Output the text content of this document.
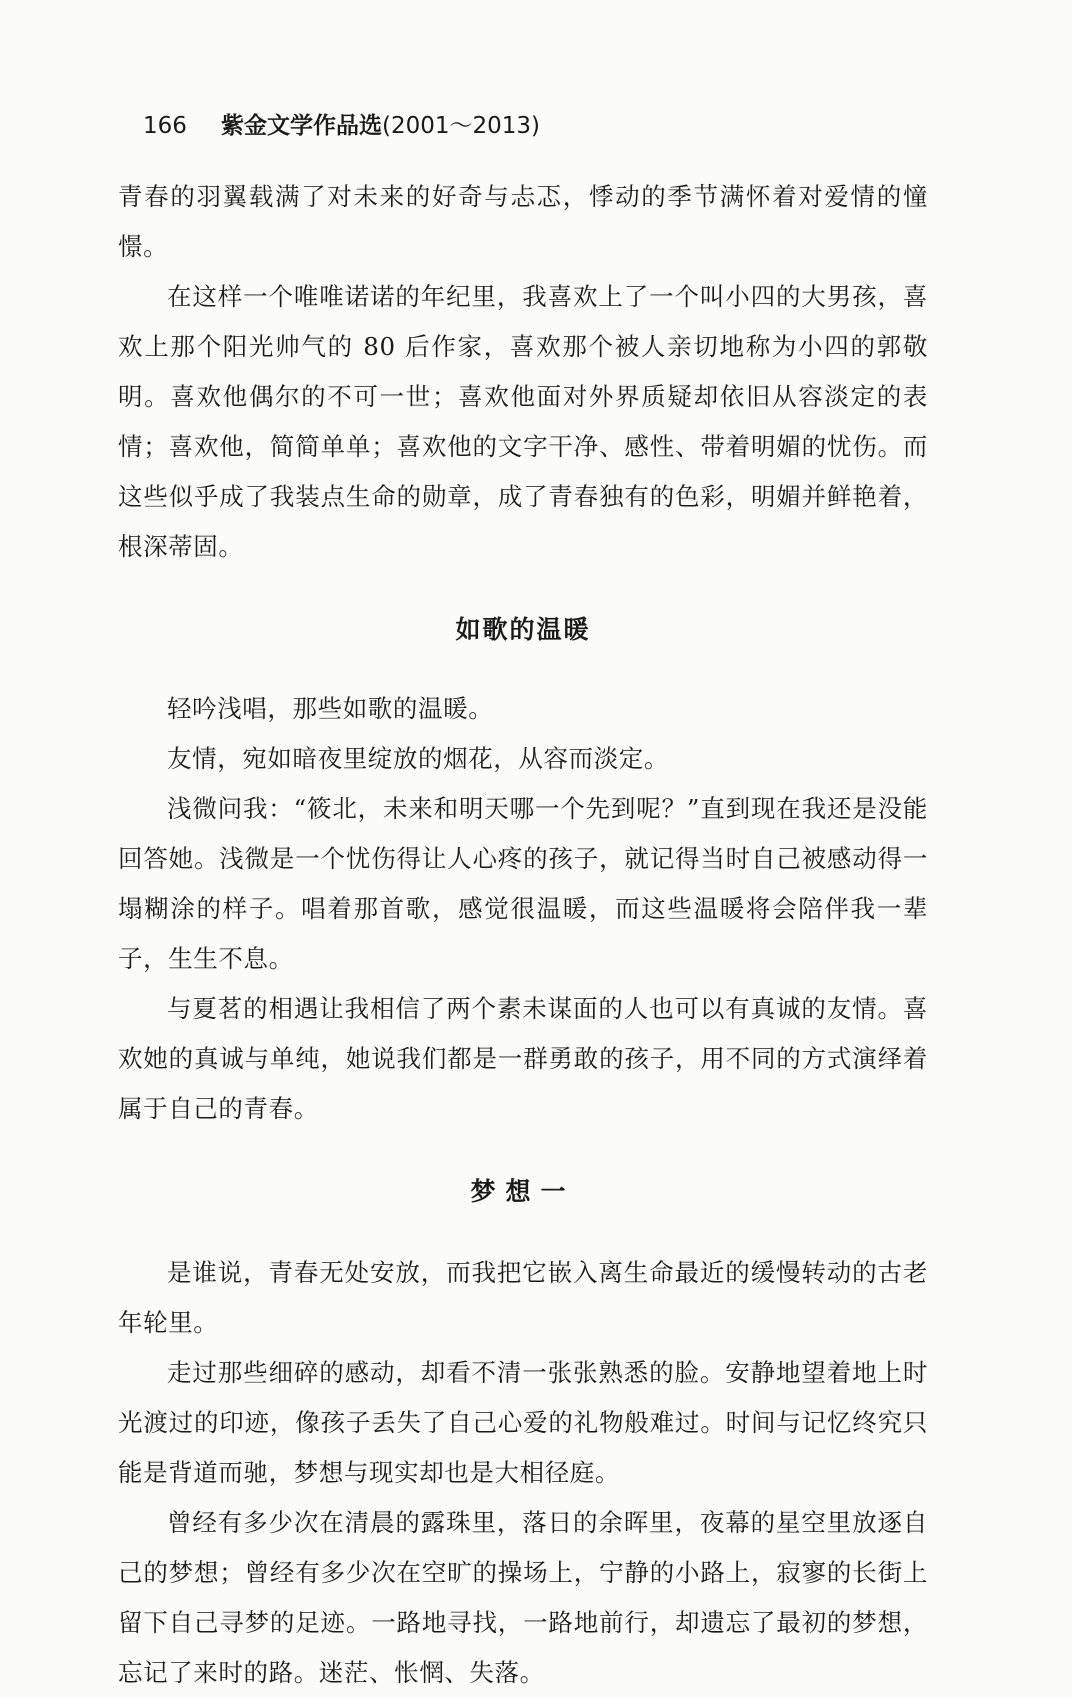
166 紫金文学作品选(2001～2013)

青春的羽翼载满了对未来的好奇与忐忑，悸动的季节满怀着对爱情的憧憬。

在这样一个唯唯诺诺的年纪里，我喜欢上了一个叫小四的大男孩，喜欢上那个阳光帅气的 80 后作家，喜欢那个被人亲切地称为小四的郭敬明。喜欢他偶尔的不可一世；喜欢他面对外界质疑却依旧从容淡定的表情；喜欢他，简简单单；喜欢他的文字干净、感性、带着明媚的忧伤。而这些似乎成了我装点生命的勋章，成了青春独有的色彩，明媚并鲜艳着，根深蒂固。

如歌的温暖

轻吟浅唱，那些如歌的温暖。

友情，宛如暗夜里绽放的烟花，从容而淡定。

浅微问我：“筱北，未来和明天哪一个先到呢？”直到现在我还是没能回答她。浅微是一个忧伤得让人心疼的孩子，就记得当时自己被感动得一塌糊涂的样子。唱着那首歌，感觉很温暖，而这些温暖将会陪伴我一辈子，生生不息。

与夏茗的相遇让我相信了两个素未谋面的人也可以有真诚的友情。喜欢她的真诚与单纯，她说我们都是一群勇敢的孩子，用不同的方式演绎着属于自己的青春。

梦想一

是谁说，青春无处安放，而我把它嵌入离生命最近的缓慢转动的古老年轮里。

走过那些细碎的感动，却看不清一张张熟悉的脸。安静地望着地上时光渡过的印迹，像孩子丢失了自己心爱的礼物般难过。时间与记忆终究只能是背道而驰，梦想与现实却也是大相径庭。

曾经有多少次在清晨的露珠里，落日的余晖里，夜幕的星空里放逐自己的梦想；曾经有多少次在空旷的操场上，宁静的小路上，寂寥的长街上留下自己寻梦的足迹。一路地寻找，一路地前行，却遗忘了最初的梦想，忘记了来时的路。迷茫、怅惘、失落。
